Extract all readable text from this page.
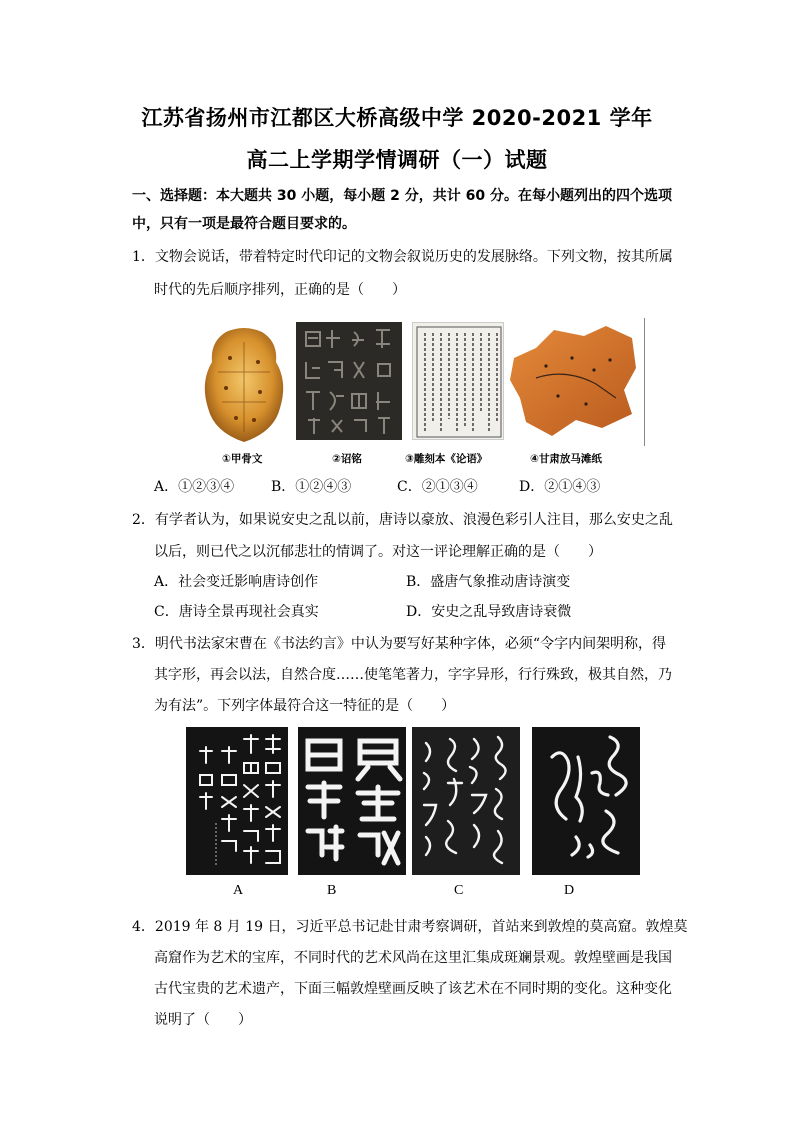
江苏省扬州市江都区大桥高级中学 2020-2021 学年
高二上学期学情调研（一）试题
一、选择题：本大题共 30 小题，每小题 2 分，共计 60 分。在每小题列出的四个选项中，只有一项是最符合题目要求的。
1．文物会说话，带着特定时代印记的文物会叙说历史的发展脉络。下列文物，按其所属
时代的先后顺序排列，正确的是（　　）
①甲骨文	②诏铭	③雕刻本《论语》	④甘肃放马滩纸
A．①②③④	B．①②④③	C．②①③④	D．②①④③
2．有学者认为，如果说安史之乱以前，唐诗以豪放、浪漫色彩引人注目，那么安史之乱
以后，则已代之以沉郁悲壮的情调了。对这一评论理解正确的是（　　）
A．社会变迁影响唐诗创作	B．盛唐气象推动唐诗演变
C．唐诗全景再现社会真实	D．安史之乱导致唐诗衰微
3．明代书法家宋曹在《书法约言》中认为要写好某种字体，必须“令字内间架明称，得
其字形，再会以法，自然合度……使笔笔著力，字字异形，行行殊致，极其自然，乃
为有法”。下列字体最符合这一特征的是（　　）
A	B	C	D
4．2019 年 8 月 19 日，习近平总书记赴甘肃考察调研，首站来到敦煌的莫高窟。敦煌莫
高窟作为艺术的宝库，不同时代的艺术风尚在这里汇集成斑斓景观。敦煌壁画是我国
古代宝贵的艺术遗产，下面三幅敦煌壁画反映了该艺术在不同时期的变化。这种变化
说明了（　　）
